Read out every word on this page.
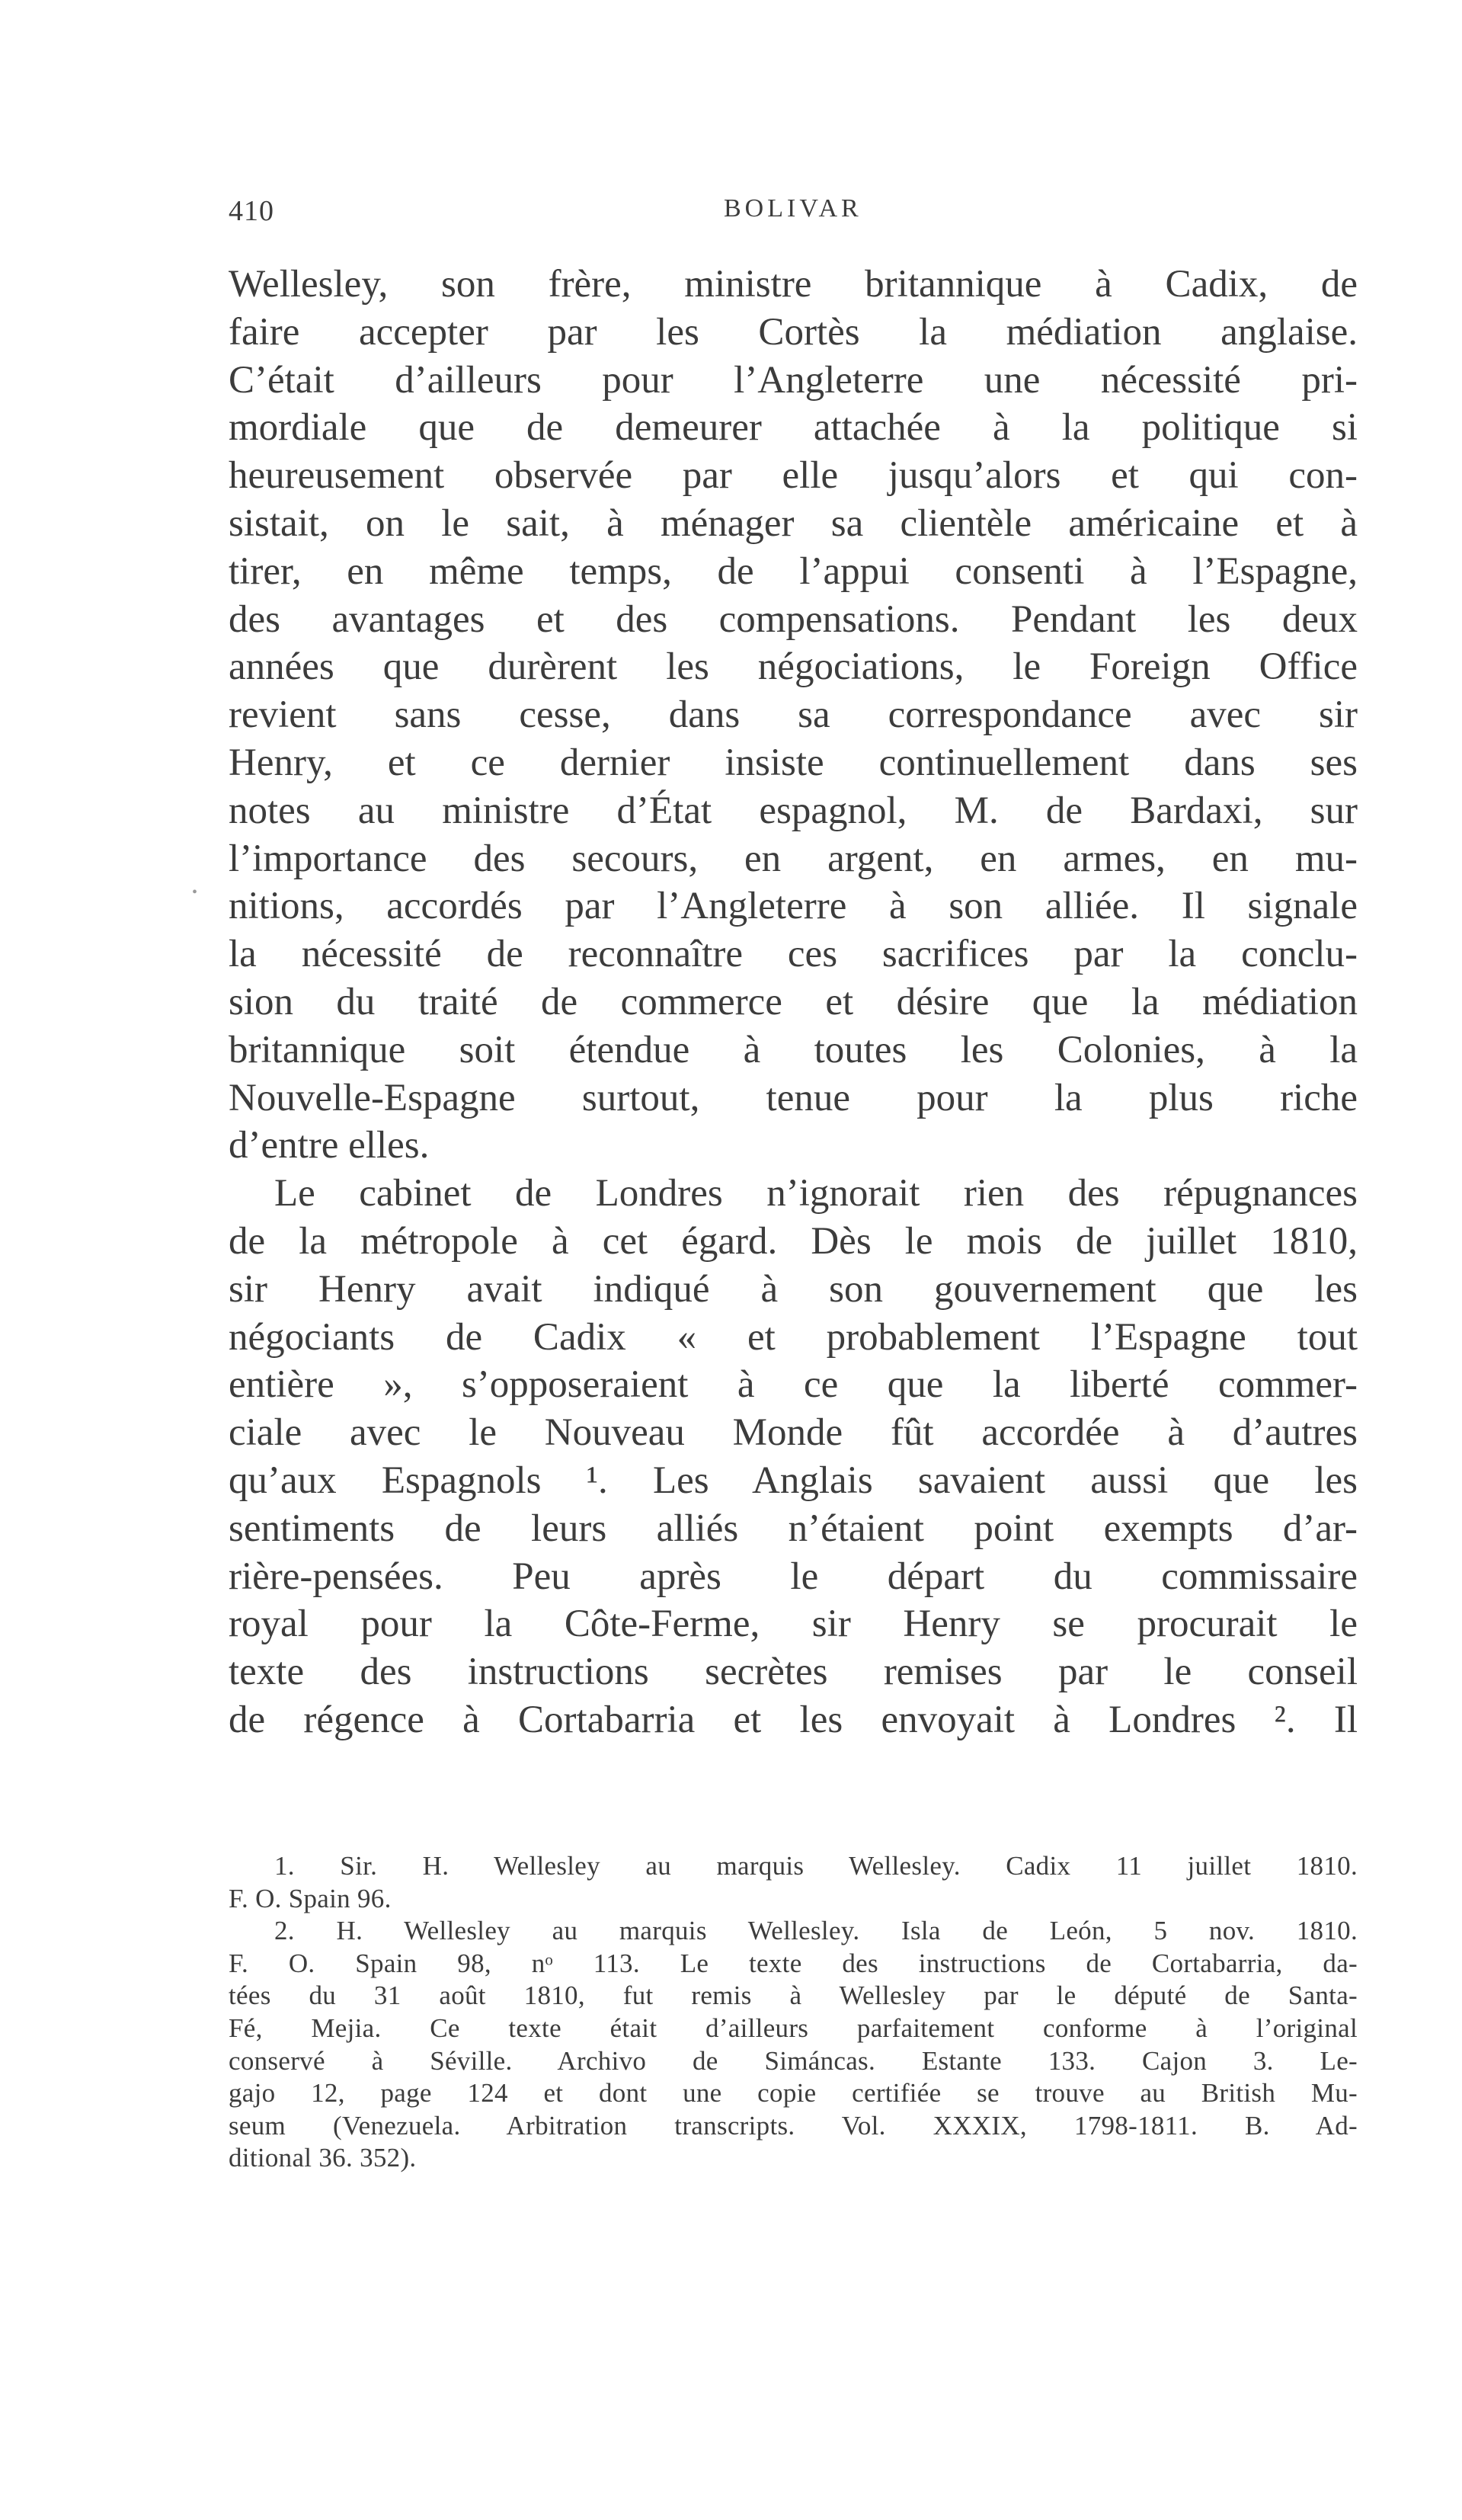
410	BOLIVAR
•
Wellesley, son frère, ministre britannique à Cadix, de
faire accepter par les Cortès la médiation anglaise.
C’était d’ailleurs pour l’Angleterre une nécessité pri-
mordiale que de demeurer attachée à la politique si
heureusement observée par elle jusqu’alors et qui con-
sistait, on le sait, à ménager sa clientèle américaine et à
tirer, en même temps, de l’appui consenti à l’Espagne,
des avantages et des compensations. Pendant les deux
années que durèrent les négociations, le Foreign Office
revient sans cesse, dans sa correspondance avec sir
Henry, et ce dernier insiste continuellement dans ses
notes au ministre d’État espagnol, M. de Bardaxi, sur
l’importance des secours, en argent, en armes, en mu-
nitions, accordés par l’Angleterre à son alliée. Il signale
la nécessité de reconnaître ces sacrifices par la conclu-
sion du traité de commerce et désire que la médiation
britannique soit étendue à toutes les Colonies, à la
Nouvelle-Espagne surtout, tenue pour la plus riche
d’entre elles.
Le cabinet de Londres n’ignorait rien des répugnances
de la métropole à cet égard. Dès le mois de juillet 1810,
sir Henry avait indiqué à son gouvernement que les
négociants de Cadix « et probablement l’Espagne tout
entière », s’opposeraient à ce que la liberté commer-
ciale avec le Nouveau Monde fût accordée à d’autres
qu’aux Espagnols ¹. Les Anglais savaient aussi que les
sentiments de leurs alliés n’étaient point exempts d’ar-
rière-pensées. Peu après le départ du commissaire
royal pour la Côte-Ferme, sir Henry se procurait le
texte des instructions secrètes remises par le conseil
de régence à Cortabarria et les envoyait à Londres ². Il
1. Sir. H. Wellesley au marquis Wellesley. Cadix 11 juillet 1810.
F. O. Spain 96.
2. H. Wellesley au marquis Wellesley. Isla de León, 5 nov. 1810.
F. O. Spain 98, nᵒ 113. Le texte des instructions de Cortabarria, da-
tées du 31 août 1810, fut remis à Wellesley par le député de Santa-
Fé, Mejia. Ce texte était d’ailleurs parfaitement conforme à l’original
conservé à Séville. Archivo de Simáncas. Estante 133. Cajon 3. Le-
gajo 12, page 124 et dont une copie certifiée se trouve au British Mu-
seum (Venezuela. Arbitration transcripts. Vol. XXXIX, 1798-1811. B. Ad-
ditional 36. 352).
